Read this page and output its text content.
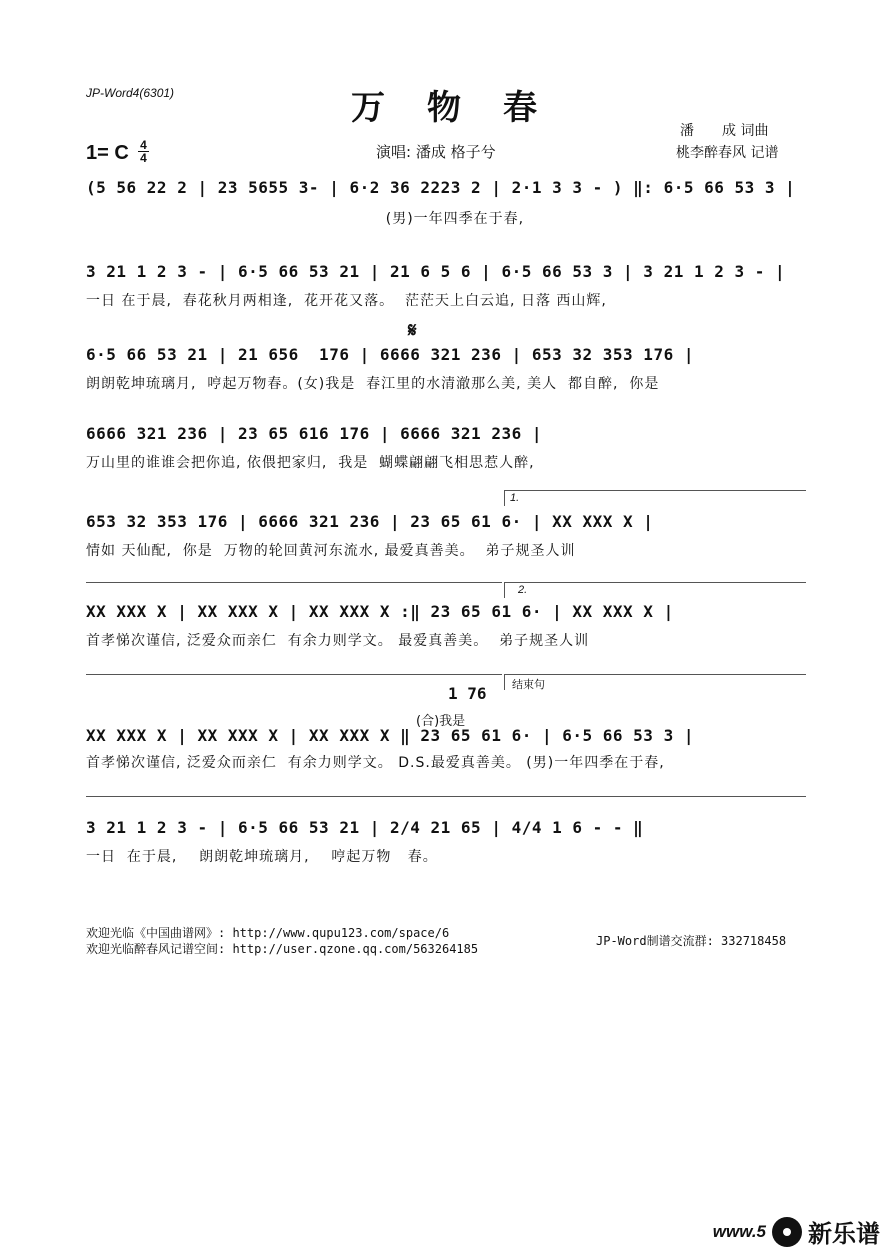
JP-Word4(6301)	万物春
潘　　成 词曲
桃李醉春风 记谱
1= C 4
4	演唱: 潘成 格子兮
(5 56 22 2 | 23 5655 3- | 6·2 36 2223 2 | 2·1 3 3 - ) ‖: 6·5 66 53 3 |
(男)一年四季在于春,
3 21 1 2 3 - | 6·5 66 53 21 | 21 6 5 6 | 6·5 66 53 3 | 3 21 1 2 3 - |
一日 在于晨,  春花秋月两相逢,  花开花又落。  茫茫天上白云追, 日落 西山辉,
𝄋
6·5 66 53 21 | 21 656  176 | 6666 321 236 | 653 32 353 176 |
朗朗乾坤琉璃月,  哼起万物春。(女)我是  春江里的水清澈那么美, 美人  都自醉,  你是
6666 321 236 | 23 65 616 176 | 6666 321 236 |
万山里的谁谁会把你追, 依偎把家归,  我是  蝴蝶翩翩飞相思惹人醉,
1.
653 32 353 176 | 6666 321 236 | 23 65 61 6· | XX XXX X |
情如 天仙配,  你是  万物的轮回黄河东流水, 最爱真善美。  弟子规圣人训
2.
XX XXX X | XX XXX X | XX XXX X :‖ 23 65 61 6· | XX XXX X |
首孝悌次谨信, 泛爱众而亲仁  有余力则学文。 最爱真善美。  弟子规圣人训
结束句
1 76
(合)我是
XX XXX X | XX XXX X | XX XXX X ‖ 23 65 61 6· | 6·5 66 53 3 |
首孝悌次谨信, 泛爱众而亲仁  有余力则学文。 D.S.最爱真善美。 (男)一年四季在于春,
3 21 1 2 3 - | 6·5 66 53 21 | 2/4 21 65 | 4/4 1 6 - - ‖
一日  在于晨,    朗朗乾坤琉璃月,    哼起万物   春。
欢迎光临《中国曲谱网》: http://www.qupu123.com/space/6
欢迎光临醉春风记谱空间: http://user.qzone.qq.com/563264185
JP-Word制谱交流群: 332718458
www.5 新乐谱
